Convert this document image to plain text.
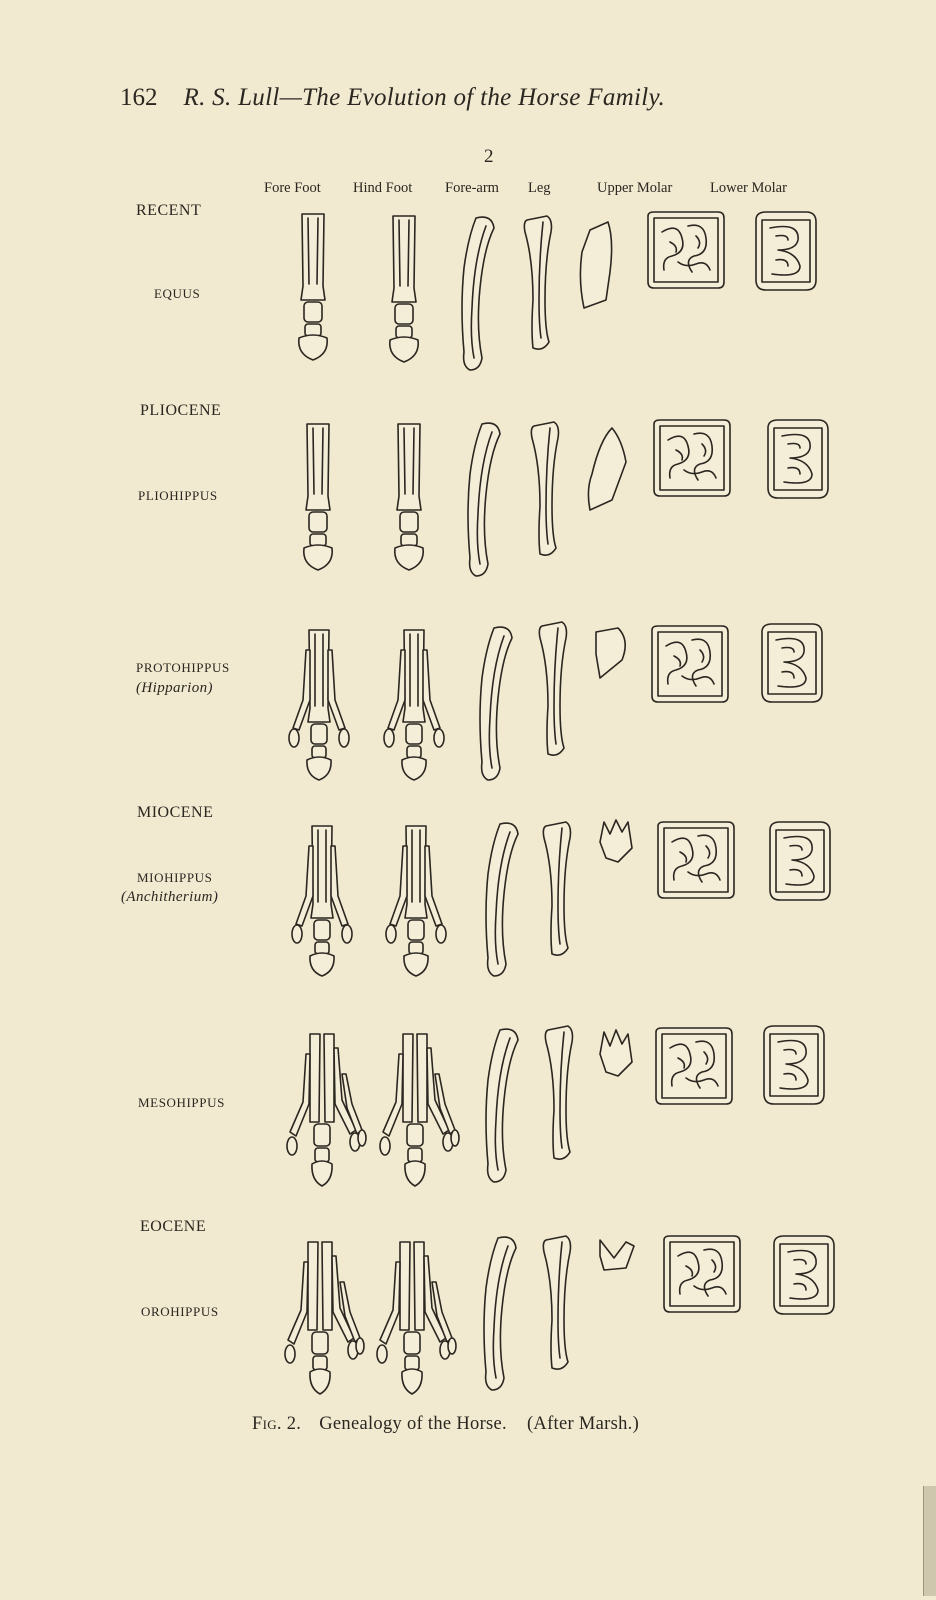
162 R. S. Lull—The Evolution of the Horse Family.
2
Fore Foot Hind Foot Fore-arm Leg	Upper Molar	Lower Molar
RECENT
EQUUS
PLIOCENE
PLIOHIPPUS
PROTOHIPPUS
(Hipparion)
MIOCENE
MIOHIPPUS
(Anchitherium)
MESOHIPPUS
EOCENE
OROHIPPUS
Fig. 2. Genealogy of the Horse. (After Marsh.)
